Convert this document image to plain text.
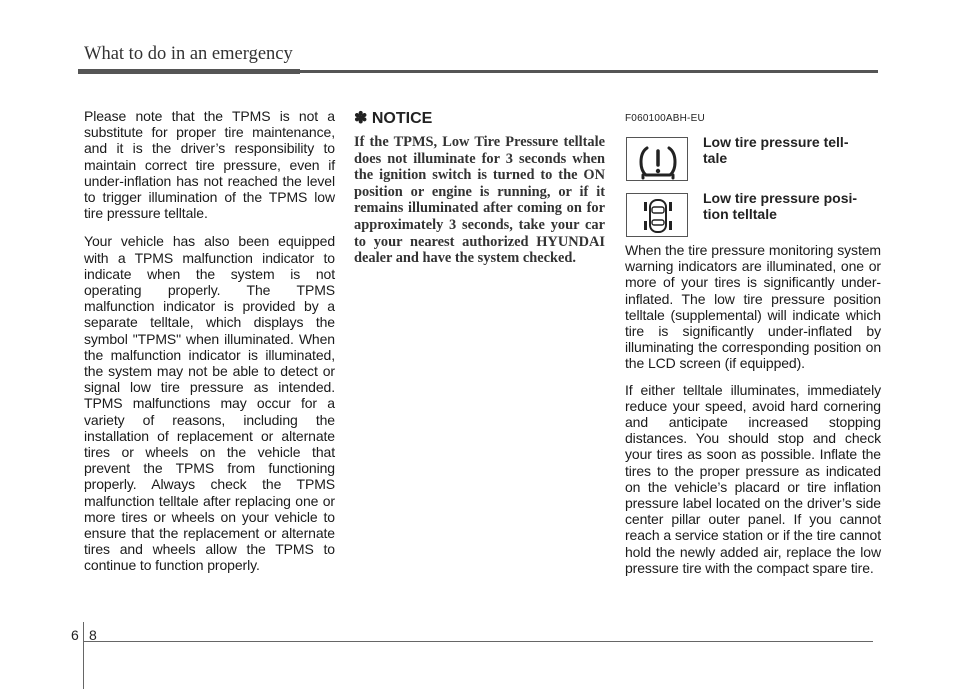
What to do in an emergency

Please note that the TPMS is not a substitute for proper tire maintenance, and it is the driver’s responsibility to maintain correct tire pressure, even if under-inflation has not reached the level to trigger illumination of the TPMS low tire pressure telltale.

Your vehicle has also been equipped with a TPMS malfunction indicator to indicate when the system is not operating properly. The TPMS malfunction indicator is provided by a separate telltale, which displays the symbol "TPMS" when illuminated. When the malfunction indicator is illuminated, the system may not be able to detect or signal low tire pressure as intended. TPMS malfunctions may occur for a variety of reasons, including the installation of replacement or alternate tires or wheels on the vehicle that prevent the TPMS from functioning properly. Always check the TPMS malfunction telltale after replacing one or more tires or wheels on your vehicle to ensure that the replacement or alternate tires and wheels allow the TPMS to continue to function properly.

✽ NOTICE

If the TPMS, Low Tire Pressure telltale does not illuminate for 3 seconds when the ignition switch is turned to the ON position or engine is running, or if it remains illuminated after coming on for approximately 3 seconds, take your car to your nearest authorized HYUNDAI dealer and have the system checked.

F060100ABH-EU
Low tire pressure tell-
tale
Low tire pressure posi-
tion telltale

When the tire pressure monitoring system warning indicators are illuminated, one or more of your tires is significantly under-inflated. The low tire pressure position telltale (supplemental) will indicate which tire is significantly under-inflated by illuminating the corresponding position on the LCD screen (if equipped).

If either telltale illuminates, immediately reduce your speed, avoid hard cornering and anticipate increased stopping distances. You should stop and check your tires as soon as possible. Inflate the tires to the proper pressure as indicated on the vehicle’s placard or tire inflation pressure label located on the driver’s side center pillar outer panel. If you cannot reach a service station or if the tire cannot hold the newly added air, replace the low pressure tire with the compact spare tire.

6 8
